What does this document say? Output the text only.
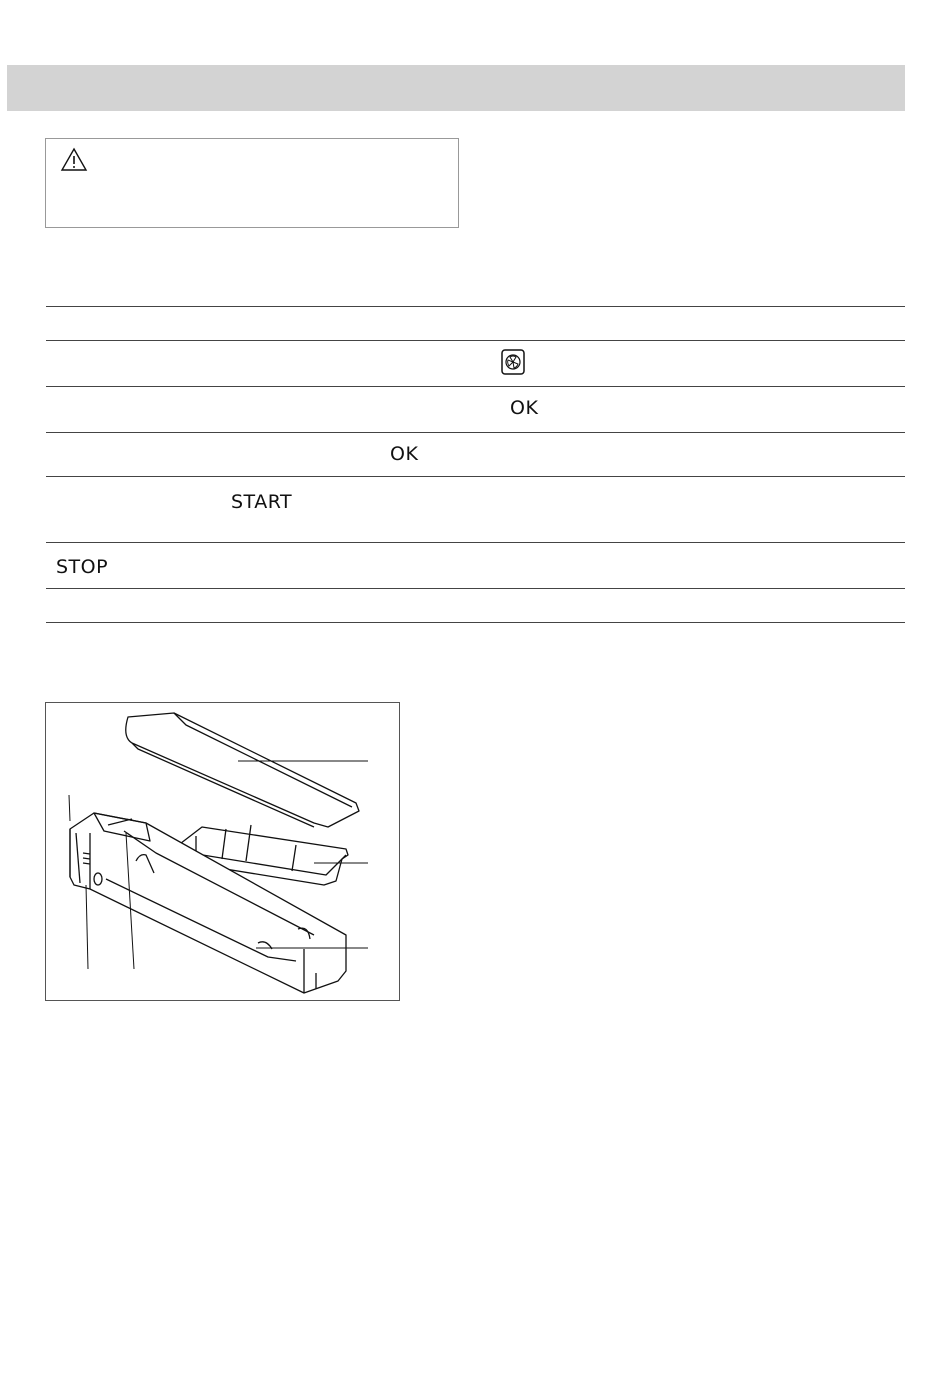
OK
OK
START
STOP
